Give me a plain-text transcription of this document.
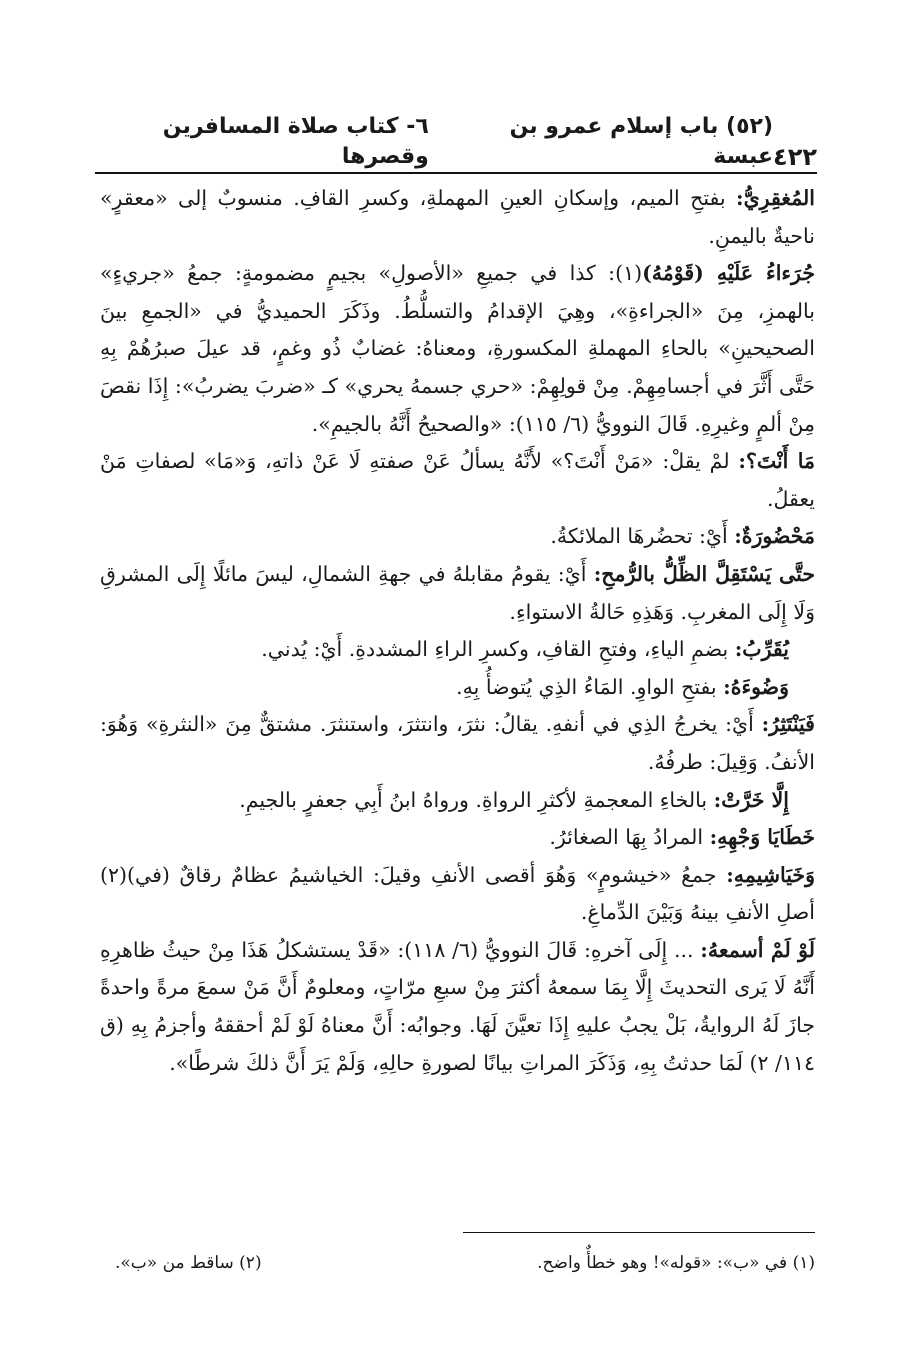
٤٢٢
(٥٢) باب إسلام عمرو بن عبسة
٦- كتاب صلاة المسافرين وقصرها

المُغقِرِيُّ: بفتحِ الميم، وإسكانِ العينِ المهملةِ، وكسرِ القافِ. منسوبٌ إلى «معقرٍ» ناحيةٌ باليمنِ.

جُرَءاءُ عَلَيْهِ (قَوْمُهُ)(١): كذا في جميعِ «الأصولِ» بجيمٍ مضمومةٍ: جمعُ «جريءٍ» بالهمزِ، مِنَ «الجراءةِ»، وهِيَ الإقدامُ والتسلُّطُ. وذَكَرَ الحميديُّ في «الجمعِ بينَ الصحيحينِ» بالحاءِ المهملةِ المكسورةِ، ومعناهُ: غضابٌ ذُو وغمٍ، قد عيلَ صبرُهُمْ بِهِ حَتَّى أَثَّرَ في أجسامِهِمْ. مِنْ قولِهِمْ: «حري جسمهُ يحري» كـ «ضربَ يضربُ»: إِذَا نقصَ مِنْ ألمٍ وغيرِهِ. قَالَ النوويُّ (٦/ ١١٥): «والصحيحُ أَنَّهُ بالجيمِ».

مَا أَنْتَ؟: لمْ يقلْ: «مَنْ أَنْتَ؟» لأَنَّهُ يسألُ عَنْ صفتهِ لَا عَنْ ذاتهِ، وَ«مَا» لصفاتِ مَنْ يعقلُ.

مَحْضُورَةٌ: أَيْ: تحضُرهَا الملائكةُ.

حتَّى يَسْتَقِلَّ الظِّلُّ بالرُّمحِ: أَيْ: يقومُ مقابلهُ في جهةِ الشمالِ، ليسَ مائلًا إِلَى المشرقِ وَلَا إِلَى المغربِ. وَهَذِهِ حَالةُ الاستواءِ.

يُقَرِّبُ: بضمِ الياءِ، وفتحِ القافِ، وكسرِ الراءِ المشددةِ. أَيْ: يُدني.

وَضُوءَهُ: بفتحِ الواوِ. المَاءُ الذِي يُتوضأُ بِهِ.

فَيَنْتَثِرُ: أَيْ: يخرجُ الذِي في أنفهِ. يقالُ: نثرَ، وانتثرَ، واستنثرَ. مشتقٌّ مِنَ «النثرةِ» وَهُوَ: الأنفُ. وَقِيلَ: طرفُهُ.

إِلَّا خَرَّتْ: بالخاءِ المعجمةِ لأكثرِ الرواةِ. ورواهُ ابنُ أَبِي جعفرٍ بالجيمِ.

خَطَايَا وَجْهِهِ: المرادُ بِهَا الصغائرُ.

وَخَيَاشِيمِهِ: جمعُ «خيشومٍ» وَهُوَ أقصى الأنفِ وقيلَ: الخياشيمُ عظامٌ رقاقٌ (في)(٢) أصلِ الأنفِ بينهُ وَبَيْنَ الدِّماغِ.

لَوْ لَمْ أسمعهُ: ... إِلَى آخرهِ: قَالَ النوويُّ (٦/ ١١٨): «قَدْ يستشكلُ هَذَا مِنْ حيثُ ظاهرِهِ أَنَّهُ لَا يَرى التحديثَ إِلَّا بِمَا سمعهُ أكثرَ مِنْ سبعِ مرّاتٍ، ومعلومٌ أَنَّ مَنْ سمعَ مرةً واحدةً جازَ لَهُ الروايةُ، بَلْ يجبُ عليهِ إِذَا تعيَّنَ لَهَا. وجوابُه: أَنَّ معناهُ لَوْ لَمْ أحققهُ وأجزمُ بِهِ (ق ١١٤/ ٢) لَمَا حدثتُ بِهِ، وَذَكَرَ المراتِ بيانًا لصورةِ حالِهِ، وَلَمْ يَرَ أَنَّ ذلكَ شرطًا».

(١) في «ب»: «قوله»! وهو خطأٌ واضح.
(٢) ساقط من «ب».
